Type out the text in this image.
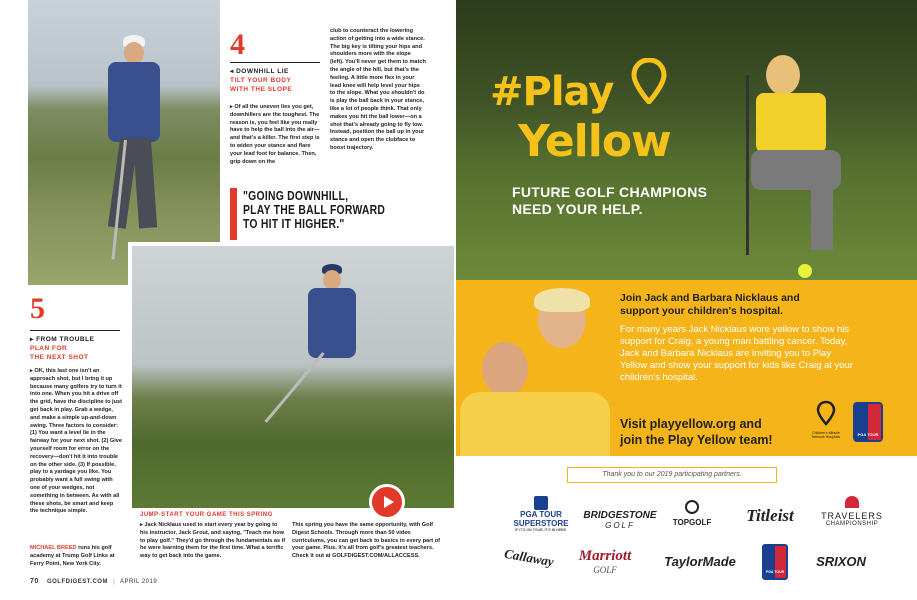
4
◂ DOWNHILL LIE
TILT YOUR BODY
WITH THE SLOPE
▸ Of all the uneven lies you get, downhillers are the toughest. The reason is, you feel like you really have to help the ball into the air—and that's a killer. The first step is to widen your stance and flare your lead foot for balance. Then, grip down on the
club to counteract the lowering action of getting into a wide stance. The big key is tilting your hips and shoulders more with the slope (left). You'll never get them to match the angle of the hill, but that's the feeling. A little more flex in your lead knee will help level your hips to the slope. What you shouldn't do is play the ball back in your stance, like a lot of people think. That only makes you hit the ball lower—on a shot that's already going to fly low. Instead, position the ball up in your stance and open the clubface to boost trajectory.
"GOING DOWNHILL,
PLAY THE BALL FORWARD
TO HIT IT HIGHER."
5
▸ FROM TROUBLE
PLAN FOR
THE NEXT SHOT
▸ OK, this last one isn't an approach shot, but I bring it up because many golfers try to turn it into one. When you hit a drive off the grid, have the discipline to just get back in play. Grab a wedge, and make a simple up-and-down swing. Three factors to consider: (1) You want a level lie in the fairway for your next shot. (2) Give yourself room for error on the recovery—don't hit it into trouble on the other side. (3) If possible, play to a yardage you like. You probably want a full swing with one of your wedges, not something in between. As with all these shots, be smart and keep the technique simple.
MICHAEL BREED runs his golf academy at Trump Golf Links at Ferry Point, New York City.
JUMP-START YOUR GAME THIS SPRING
▸ Jack Nicklaus used to start every year by going to his instructor, Jack Grout, and saying, "Teach me how to play golf." They'd go through the fundamentals as if he were learning them for the first time. What a terrific way to get back into the game.
This spring you have the same opportunity, with Golf Digest Schools. Through more than 50 video curriculums, you can get back to basics in every part of your game. Plus, it's all from golf's greatest teachers. Check it out at GOLFDIGEST.COM/ALLACCESS.
70 GOLFDIGEST.COM | APRIL 2019
#Play
Yellow
FUTURE GOLF CHAMPIONS
NEED YOUR HELP.
Join Jack and Barbara Nicklaus and
support your children's hospital.
For many years Jack Nicklaus wore yellow to show his support for Craig, a young man battling cancer. Today, Jack and Barbara Nicklaus are inviting you to Play Yellow and show your support for kids like Craig at your children's hospital.
Visit playyellow.org and
join the Play Yellow team!	Children's Miracle Network Hospitals	PGA TOUR
Thank you to our 2019 participating partners.
PGA TOUR SUPERSTORE
IF IT'S ON TOUR, IT'S IN HERE.
BRIDGESTONE
GOLF	TOPGOLF	Titleist	TRAVELERS
CHAMPIONSHIP
Callaway	Marriott
GOLF
TaylorMade
PGA TOUR
SRIXON
